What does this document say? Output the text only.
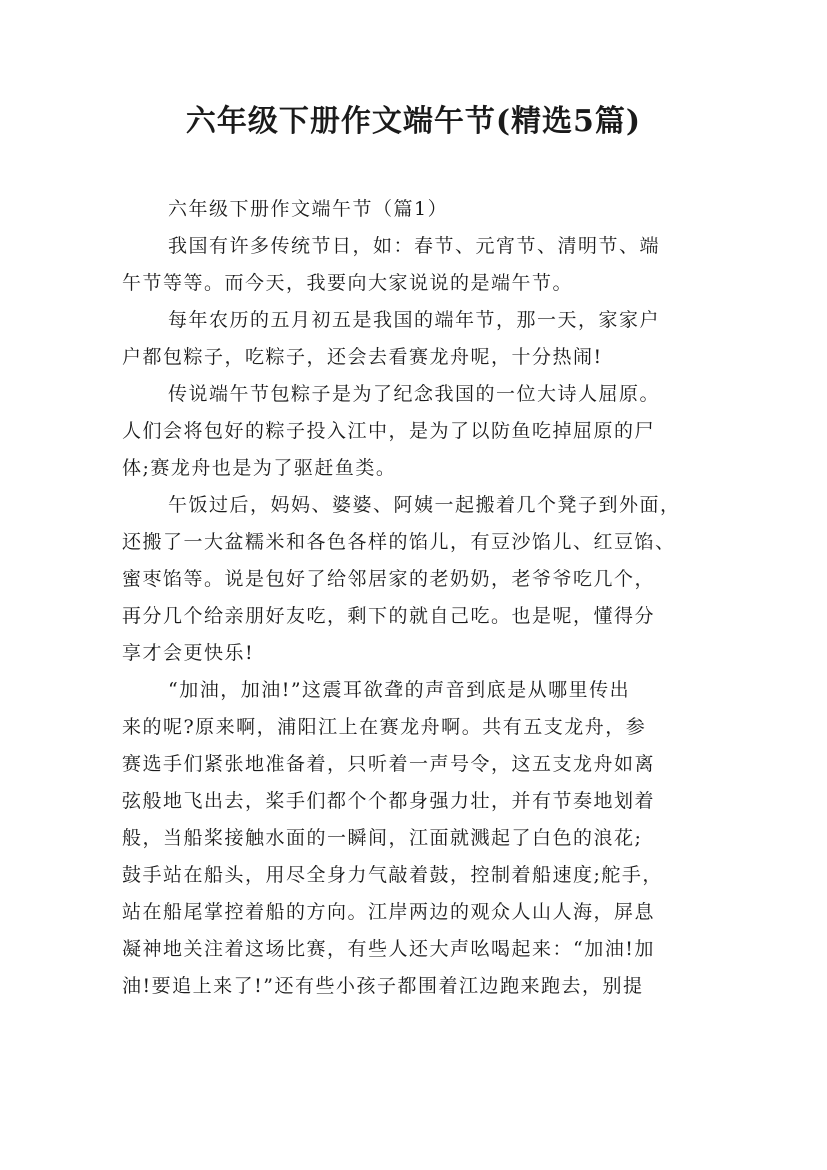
六年级下册作文端午节(精选5篇)
六年级下册作文端午节（篇1）
我国有许多传统节日，如：春节、元宵节、清明节、端
午节等等。而今天，我要向大家说说的是端午节。
每年农历的五月初五是我国的端年节，那一天，家家户
户都包粽子，吃粽子，还会去看赛龙舟呢，十分热闹!
传说端午节包粽子是为了纪念我国的一位大诗人屈原。
人们会将包好的粽子投入江中，是为了以防鱼吃掉屈原的尸
体;赛龙舟也是为了驱赶鱼类。
午饭过后，妈妈、婆婆、阿姨一起搬着几个凳子到外面，
还搬了一大盆糯米和各色各样的馅儿，有豆沙馅儿、红豆馅、
蜜枣馅等。说是包好了给邻居家的老奶奶，老爷爷吃几个，
再分几个给亲朋好友吃，剩下的就自己吃。也是呢，懂得分
享才会更快乐!
“加油，加油!”这震耳欲聋的声音到底是从哪里传出
来的呢?原来啊，浦阳江上在赛龙舟啊。共有五支龙舟，参
赛选手们紧张地准备着，只听着一声号令，这五支龙舟如离
弦般地飞出去，桨手们都个个都身强力壮，并有节奏地划着
般，当船桨接触水面的一瞬间，江面就溅起了白色的浪花;
鼓手站在船头，用尽全身力气敲着鼓，控制着船速度;舵手，
站在船尾掌控着船的方向。江岸两边的观众人山人海，屏息
凝神地关注着这场比赛，有些人还大声吆喝起来：“加油!加
油!要追上来了!”还有些小孩子都围着江边跑来跑去，别提
